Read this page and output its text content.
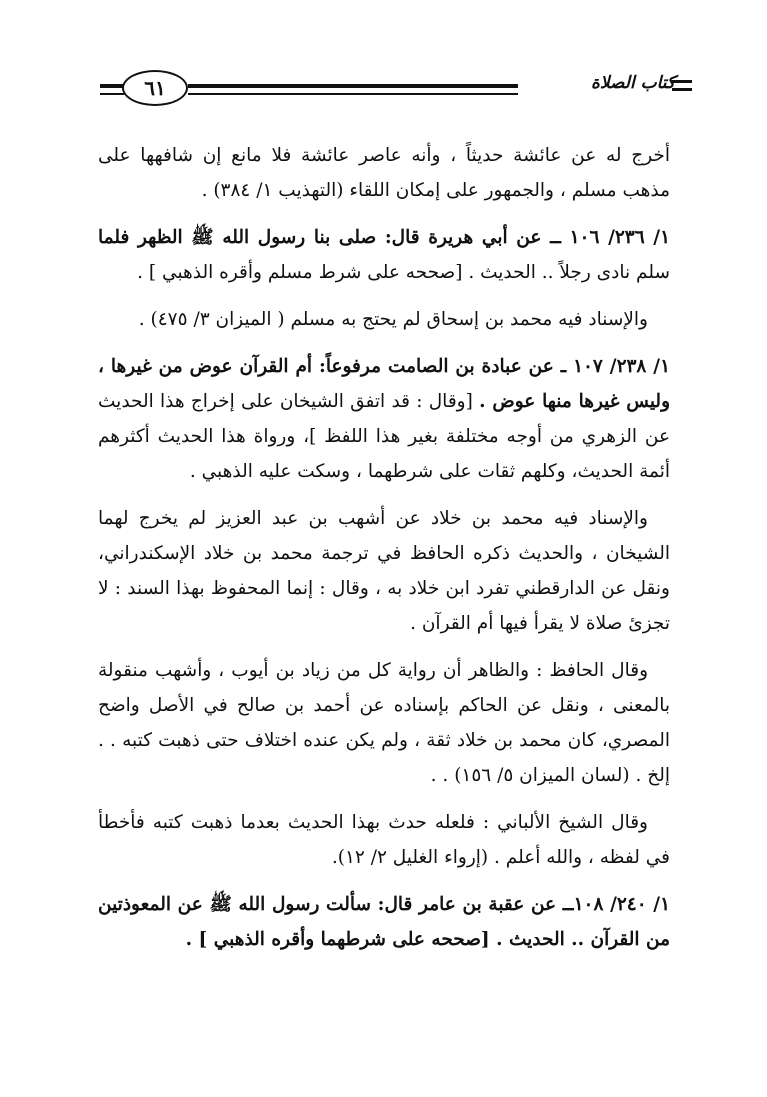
٦١	كتاب الصلاة

أخرج له عن عائشة حديثاً ، وأنه عاصر عائشة فلا مانع إن شافهها على مذهب مسلم ، والجمهور على إمكان اللقاء (التهذيب ١/ ٣٨٤) .

١/ ٢٣٦/ ١٠٦ ــ عن أبي هريرة قال: صلى بنا رسول الله ﷺ الظهر فلما سلم نادى رجلاً .. الحديث . [صححه على شرط مسلم وأقره الذهبي ] .

والإسناد فيه محمد بن إسحاق لم يحتج به مسلم ( الميزان ٣/ ٤٧٥) .

١/ ٢٣٨/ ١٠٧ ـ عن عبادة بن الصامت مرفوعاً: أم القرآن عوض من غيرها ، وليس غيرها منها عوض . [وقال : قد اتفق الشيخان على إخراج هذا الحديث عن الزهري من أوجه مختلفة بغير هذا اللفظ ]، ورواة هذا الحديث أكثرهم أئمة الحديث، وكلهم ثقات على شرطهما ، وسكت عليه الذهبي .

والإسناد فيه محمد بن خلاد عن أشهب بن عبد العزيز لم يخرج لهما الشيخان ، والحديث ذكره الحافظ في ترجمة محمد بن خلاد الإسكندراني، ونقل عن الدارقطني تفرد ابن خلاد به ، وقال : إنما المحفوظ بهذا السند : لا تجزئ صلاة لا يقرأ فيها أم القرآن .

وقال الحافظ : والظاهر أن رواية كل من زياد بن أيوب ، وأشهب منقولة بالمعنى ، ونقل عن الحاكم بإسناده عن أحمد بن صالح في الأصل واضح المصري، كان محمد بن خلاد ثقة ، ولم يكن عنده اختلاف حتى ذهبت كتبه . . إلخ . (لسان الميزان ٥/ ١٥٦) . .

وقال الشيخ الألباني : فلعله حدث بهذا الحديث بعدما ذهبت كتبه فأخطأ في لفظه ، والله أعلم . (إرواء الغليل ٢/ ١٢).

١/ ٢٤٠/ ١٠٨ــ عن عقبة بن عامر قال: سألت رسول الله ﷺ عن المعوذتين من القرآن .. الحديث . [صححه على شرطهما وأقره الذهبي ] .
